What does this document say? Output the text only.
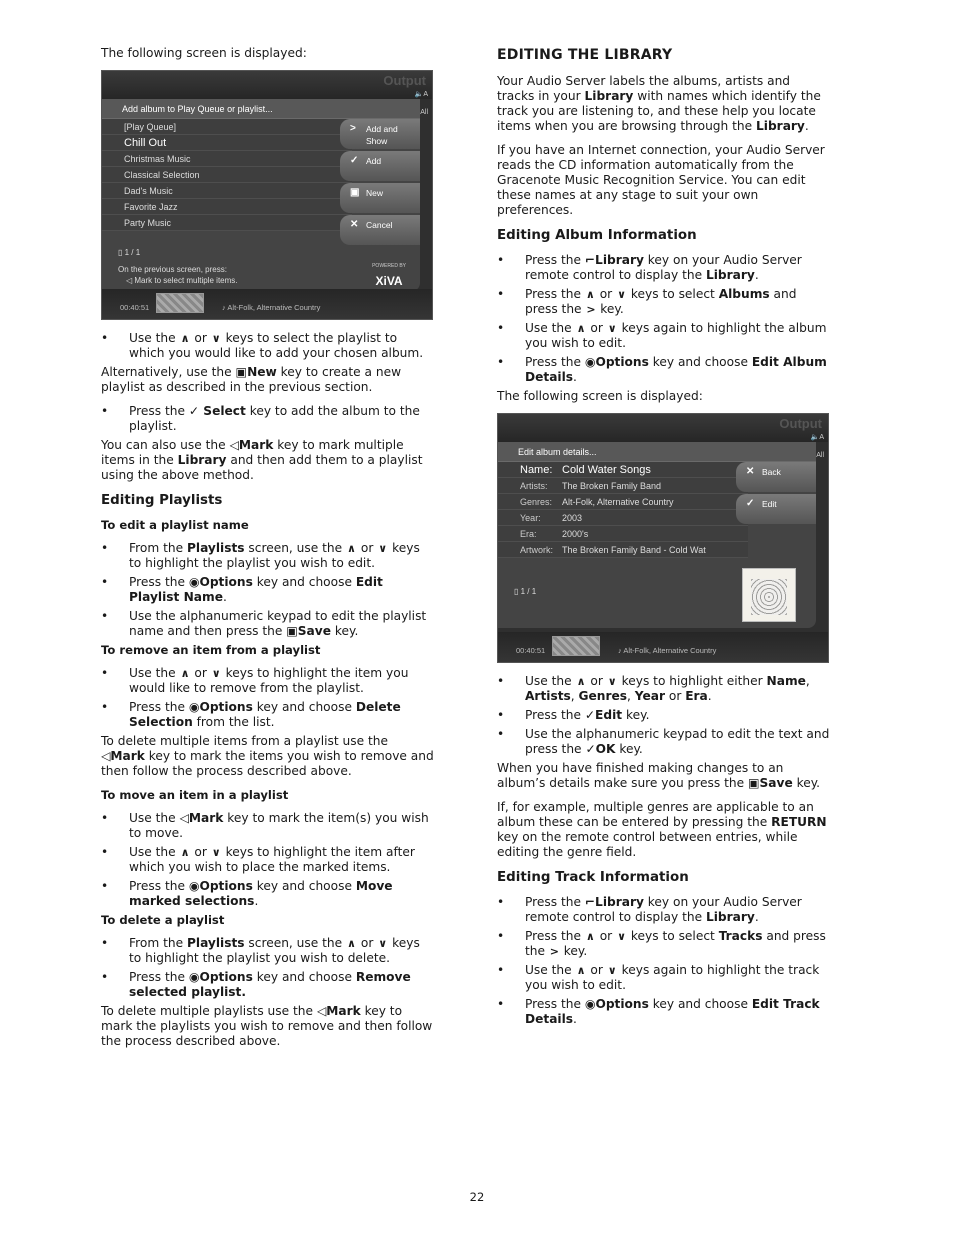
The following screen is displayed:

Output
🔈A
All
Add album to Play Queue or playlist...
[Play Queue]
Chill Out
Christmas Music
Classical Selection
Dad's Music
Favorite Jazz
Party Music
> Add and Show
✓ Add
▣ New
✕ Cancel
▯ 1 / 1
On the previous screen, press:
◁ Mark to select multiple items.
POWERED BY
XiVA
00:40:51	♪ Alt-Folk, Alternative Country
• Use the ∧ or ∨ keys to select the playlist to which you would like to add your chosen album.

Alternatively, use the ▣New key to create a new playlist as described in the previous section.

• Press the ✓ Select key to add the album to the playlist.

You can also use the ◁Mark key to mark multiple items in the Library and then add them to a playlist using the above method.

Editing Playlists
To edit a playlist name
• From the Playlists screen, use the ∧ or ∨ keys to highlight the playlist you wish to edit.
• Press the ◉Options key and choose Edit Playlist Name.
• Use the alphanumeric keypad to edit the playlist name and then press the ▣Save key.
To remove an item from a playlist
• Use the ∧ or ∨ keys to highlight the item you would like to remove from the playlist.
• Press the ◉Options key and choose Delete Selection from the list.

To delete multiple items from a playlist use the ◁Mark key to mark the items you wish to remove and then follow the process described above.

To move an item in a playlist
• Use the ◁Mark key to mark the item(s) you wish to move.
• Use the ∧ or ∨ keys to highlight the item after which you wish to place the marked items.
• Press the ◉Options key and choose Move marked selections.
To delete a playlist
• From the Playlists screen, use the ∧ or ∨ keys to highlight the playlist you wish to delete.
• Press the ◉Options key and choose Remove selected playlist.

To delete multiple playlists use the ◁Mark key to mark the playlists you wish to remove and then follow the process described above.

EDITING THE LIBRARY

Your Audio Server labels the albums, artists and tracks in your Library with names which identify the track you are listening to, and these help you locate items when you are browsing through the Library.

If you have an Internet connection, your Audio Server reads the CD information automatically from the Gracenote Music Recognition Service. You can edit these names at any stage to suit your own preferences.

Editing Album Information
• Press the ⌐Library key on your Audio Server remote control to display the Library.
• Press the ∧ or ∨ keys to select Albums and press the > key.
• Use the ∧ or ∨ keys again to highlight the album you wish to edit.
• Press the ◉Options key and choose Edit Album Details.

The following screen is displayed:

Output
🔈A
All
Edit album details...
Name: Cold Water Songs
Artists: The Broken Family Band
Genres: Alt-Folk, Alternative Country
Year: 2003
Era:	2000's
Artwork: The Broken Family Band - Cold Wat
✕ Back
✓ Edit
▯ 1 / 1
00:40:51	♪ Alt-Folk, Alternative Country
• Use the ∧ or ∨ keys to highlight either Name, Artists, Genres, Year or Era.
• Press the ✓Edit key.
• Use the alphanumeric keypad to edit the text and press the ✓OK key.

When you have finished making changes to an album’s details make sure you press the ▣Save key.

If, for example, multiple genres are applicable to an album these can be entered by pressing the RETURN key on the remote control between entries, while editing the genre field.

Editing Track Information
• Press the ⌐Library key on your Audio Server remote control to display the Library.
• Press the ∧ or ∨ keys to select Tracks and press the > key.
• Use the ∧ or ∨ keys again to highlight the track you wish to edit.
• Press the ◉Options key and choose Edit Track Details.
22
